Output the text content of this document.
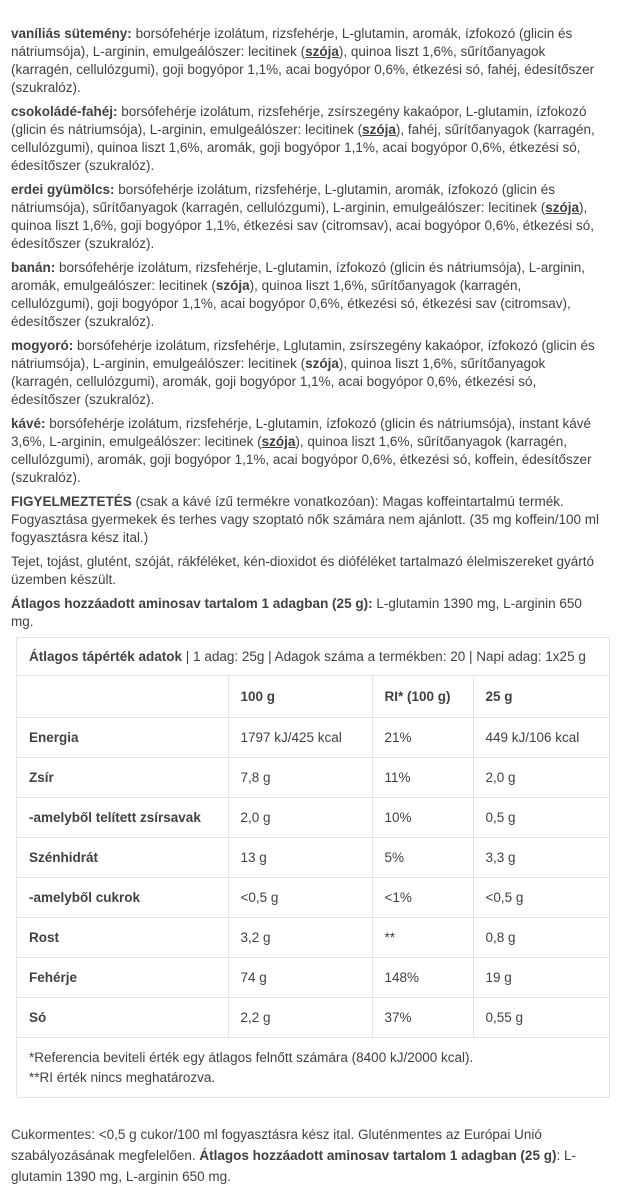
vaníliás sütemény: borsófehérje izolátum, rizsfehérje, L-glutamin, aromák, ízfokozó (glicin és nátriumsója), L-arginin, emulgeálószer: lecitinek (szója), quinoa liszt 1,6%, sűrítőanyagok (karragén, cellulózgumi), goji bogyópor 1,1%, acai bogyópor 0,6%, étkezési só, fahéj, édesítőszer (szukralóz).

csokoládé-fahéj: borsófehérje izolátum, rizsfehérje, zsírszegény kakaópor, L-glutamin, ízfokozó (glicin és nátriumsója), L-arginin, emulgeálószer: lecitinek (szója), fahéj, sűrítőanyagok (karragén, cellulózgumi), quinoa liszt 1,6%, aromák, goji bogyópor 1,1%, acai bogyópor 0,6%, étkezési só, édesítőszer (szukralóz).

erdei gyümölcs: borsófehérje izolátum, rizsfehérje, L-glutamin, aromák, ízfokozó (glicin és nátriumsója), sűrítőanyagok (karragén, cellulózgumi), L-arginin, emulgeálószer: lecitinek (szója), quinoa liszt 1,6%, goji bogyópor 1,1%, étkezési sav (citromsav), acai bogyópor 0,6%, étkezési só, édesítőszer (szukralóz).

banán: borsófehérje izolátum, rizsfehérje, L-glutamin, ízfokozó (glicin és nátriumsója), L-arginin, aromák, emulgeálószer: lecitinek (szója), quinoa liszt 1,6%, sűrítőanyagok (karragén, cellulózgumi), goji bogyópor 1,1%, acai bogyópor 0,6%, étkezési só, étkezési sav (citromsav), édesítőszer (szukralóz).

mogyoró: borsófehérje izolátum, rizsfehérje, Lglutamin, zsírszegény kakaópor, ízfokozó (glicin és nátriumsója), L-arginin, emulgeálószer: lecitinek (szója), quinoa liszt 1,6%, sűrítőanyagok (karragén, cellulózgumi), aromák, goji bogyópor 1,1%, acai bogyópor 0,6%, étkezési só, édesítőszer (szukralóz).

kávé: borsófehérje izolátum, rizsfehérje, L-glutamin, ízfokozó (glicin és nátriumsója), instant kávé 3,6%, L-arginin, emulgeálószer: lecitinek (szója), quinoa liszt 1,6%, sűrítőanyagok (karragén, cellulózgumi), aromák, goji bogyópor 1,1%, acai bogyópor 0,6%, étkezési só, koffein, édesítőszer (szukralóz).

FIGYELMEZTETÉS (csak a kávé ízű termékre vonatkozóan): Magas koffeintartalmú termék. Fogyasztása gyermekek és terhes vagy szoptató nők számára nem ajánlott. (35 mg koffein/100 ml fogyasztásra kész ital.)

Tejet, tojást, glutént, szóját, rákféléket, kén-dioxidot és dióféléket tartalmazó élelmiszereket gyártó üzemben készült.

Átlagos hozzáadott aminosav tartalom 1 adagban (25 g): L-glutamin 1390 mg, L-arginin 650 mg.

Átlagos tápérték adatok | 1 adag: 25g | Adagok száma a termékben: 20 | Napi adag: 1x25 g
	100 g	RI* (100 g)	25 g
Energia	1797 kJ/425 kcal	21%	449 kJ/106 kcal
Zsír	7,8 g	11%	2,0 g
-amelyből telített zsírsavak	2,0 g	10%	0,5 g
Szénhidrát	13 g	5%	3,3 g
-amelyből cukrok	<0,5 g	<1%	<0,5 g
Rost	3,2 g	**	0,8 g
Fehérje	74 g	148%	19 g
Só	2,2 g	37%	0,55 g
*Referencia beviteli érték egy átlagos felnőtt számára (8400 kJ/2000 kcal).
**RI érték nincs meghatározva.

Cukormentes: <0,5 g cukor/100 ml fogyasztásra kész ital. Gluténmentes az Európai Unió szabályozásának megfelelően. Átlagos hozzáadott aminosav tartalom 1 adagban (25 g): L-glutamin 1390 mg, L-arginin 650 mg.
